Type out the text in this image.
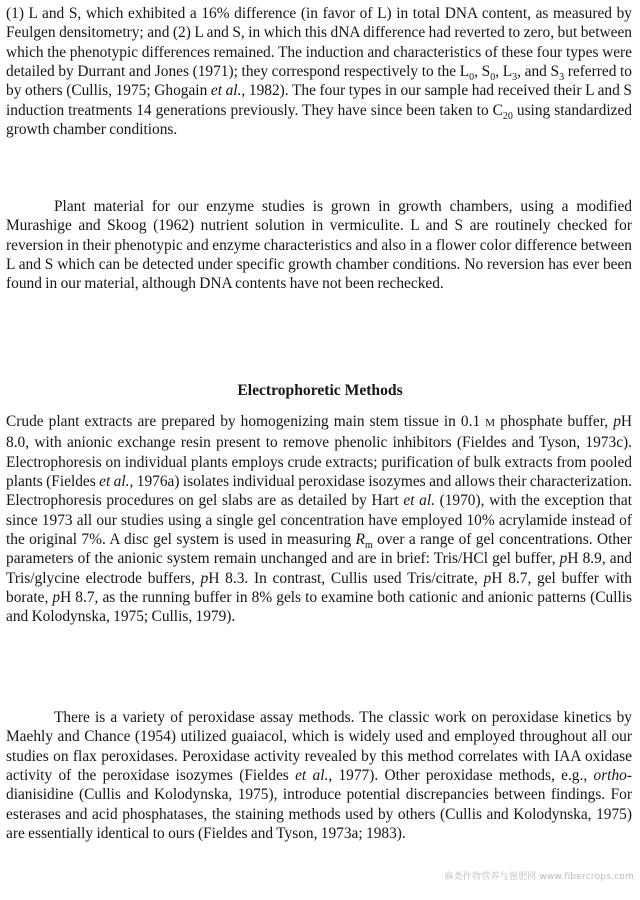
(1) L and S, which exhibited a 16% difference (in favor of L) in total DNA content, as measured by Feulgen densitometry; and (2) L and S, in which this dNA difference had reverted to zero, but between which the phenotypic differences remained. The induction and characteristics of these four types were detailed by Durrant and Jones (1971); they correspond respectively to the $L_0$, $S_0$, $L_3$, and $S_3$ referred to by others (Cullis, 1975; Ghogain et al., 1982). The four types in our sample had received their L and S induction treatments 14 generations previously. They have since been taken to $C_{20}$ using standardized growth chamber conditions.

Plant material for our enzyme studies is grown in growth chambers, using a modified Murashige and Skoog (1962) nutrient solution in vermiculite. L and S are routinely checked for reversion in their phenotypic and enzyme characteristics and also in a flower color difference between L and S which can be detected under specific growth chamber conditions. No reversion has ever been found in our material, although DNA contents have not been rechecked.

Electrophoretic Methods

Crude plant extracts are prepared by homogenizing main stem tissue in 0.1 M phosphate buffer, pH 8.0, with anionic exchange resin present to remove phenolic inhibitors (Fieldes and Tyson, 1973c). Electrophoresis on individual plants employs crude extracts; purification of bulk extracts from pooled plants (Fieldes et al., 1976a) isolates individual peroxidase isozymes and allows their characterization. Electrophoresis procedures on gel slabs are as detailed by Hart et al. (1970), with the exception that since 1973 all our studies using a single gel concentration have employed 10% acrylamide instead of the original 7%. A disc gel system is used in measuring $R_m$ over a range of gel concentrations. Other parameters of the anionic system remain unchanged and are in brief: Tris/HCl gel buffer, pH 8.9, and Tris/glycine electrode buffers, pH 8.3. In contrast, Cullis used Tris/citrate, pH 8.7, gel buffer with borate, pH 8.7, as the running buffer in 8% gels to examine both cationic and anionic patterns (Cullis and Kolodynska, 1975; Cullis, 1979).

There is a variety of peroxidase assay methods. The classic work on peroxidase kinetics by Maehly and Chance (1954) utilized guaiacol, which is widely used and employed throughout all our studies on flax peroxidases. Peroxidase activity revealed by this method correlates with IAA oxidase activity of the peroxidase isozymes (Fieldes et al., 1977). Other peroxidase methods, e.g., ortho-dianisidine (Cullis and Kolodynska, 1975), introduce potential discrepancies between findings. For esterases and acid phosphatases, the staining methods used by others (Cullis and Kolodynska, 1975) are essentially identical to ours (Fieldes and Tyson, 1973a; 1983).

麻类作物营养与施肥网 www.fibercrops.com
